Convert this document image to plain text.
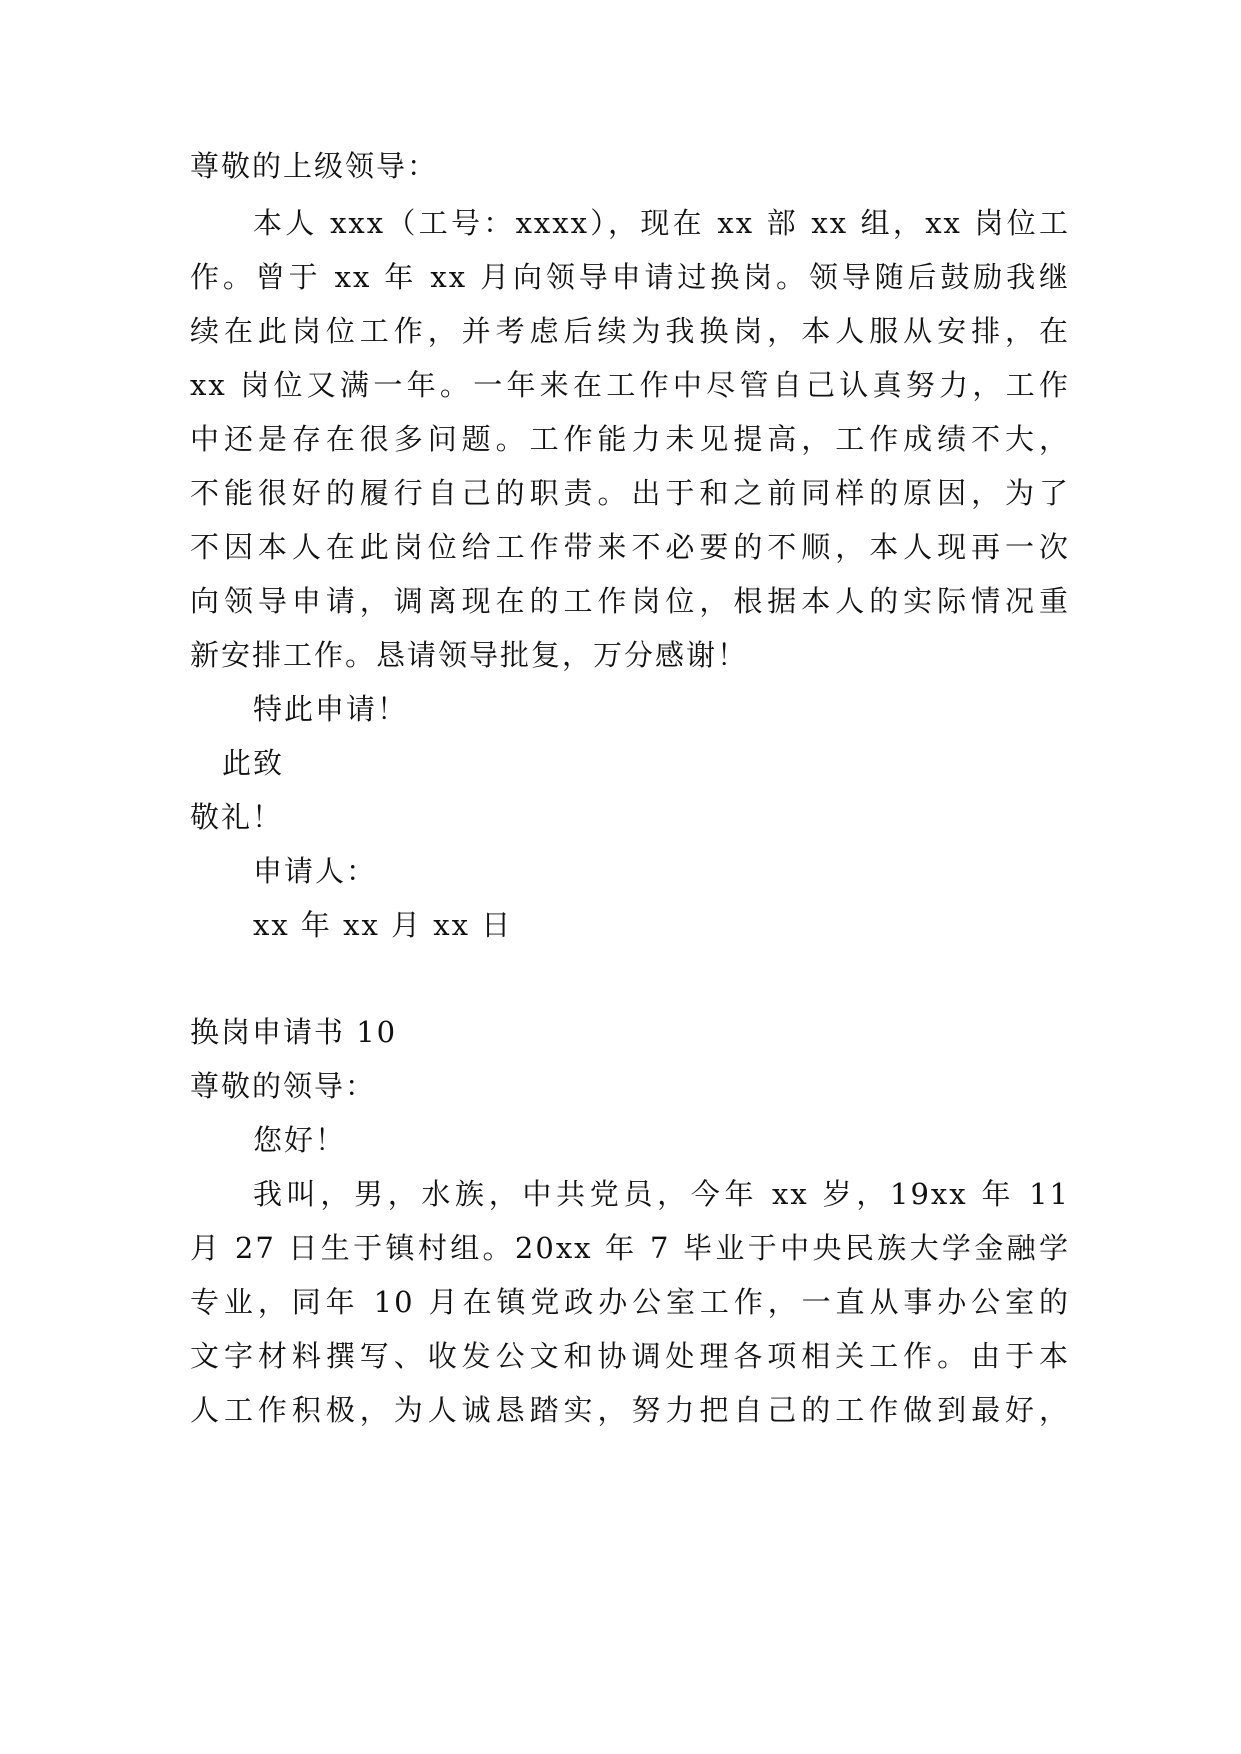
尊敬的上级领导：
本人 xxx（工号：xxxx），现在 xx 部 xx 组，xx 岗位工
作。曾于 xx 年 xx 月向领导申请过换岗。领导随后鼓励我继
续在此岗位工作，并考虑后续为我换岗，本人服从安排，在
xx 岗位又满一年。一年来在工作中尽管自己认真努力，工作
中还是存在很多问题。工作能力未见提高，工作成绩不大，
不能很好的履行自己的职责。出于和之前同样的原因，为了
不因本人在此岗位给工作带来不必要的不顺，本人现再一次
向领导申请，调离现在的工作岗位，根据本人的实际情况重
新安排工作。恳请领导批复，万分感谢！
特此申请！
此致
敬礼！
申请人：
xx 年 xx 月 xx 日
换岗申请书 10
尊敬的领导：
您好！
我叫，男，水族，中共党员，今年 xx 岁，19xx 年 11
月 27 日生于镇村组。20xx 年 7 毕业于中央民族大学金融学
专业，同年 10 月在镇党政办公室工作，一直从事办公室的
文字材料撰写、收发公文和协调处理各项相关工作。由于本
人工作积极，为人诚恳踏实，努力把自己的工作做到最好，
